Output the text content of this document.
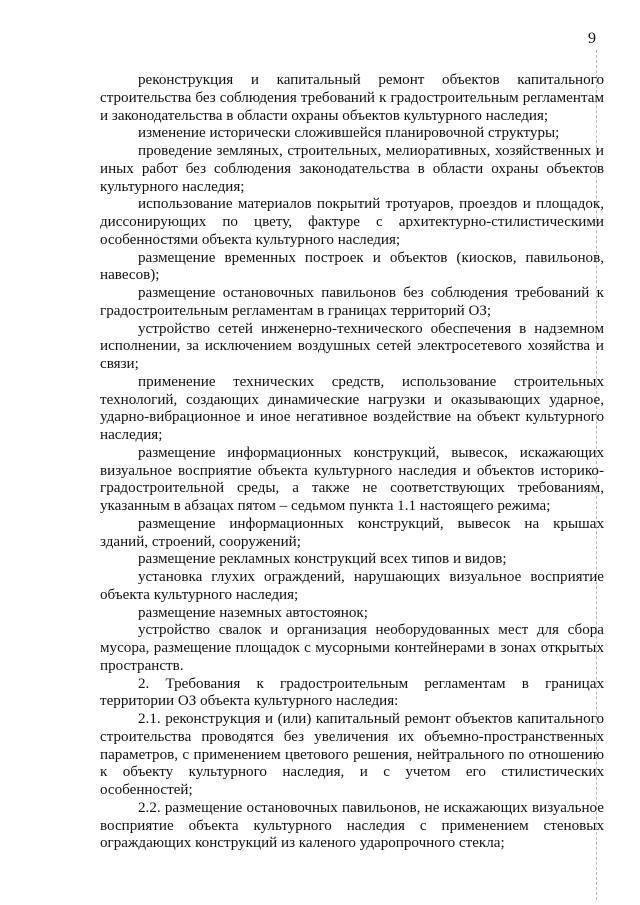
9

реконструкция и капитальный ремонт объектов капитального строительства без соблюдения требований к градостроительным регламентам и законодательства в области охраны объектов культурного наследия;

изменение исторически сложившейся планировочной структуры;

проведение земляных, строительных, мелиоративных, хозяйственных и иных работ без соблюдения законодательства в области охраны объектов культурного наследия;

использование материалов покрытий тротуаров, проездов и площадок, диссонирующих по цвету, фактуре с архитектурно-стилистическими особенностями объекта культурного наследия;

размещение временных построек и объектов (киосков, павильонов, навесов);

размещение остановочных павильонов без соблюдения требований к градостроительным регламентам в границах территорий ОЗ;

устройство сетей инженерно-технического обеспечения в надземном исполнении, за исключением воздушных сетей электросетевого хозяйства и связи;

применение технических средств, использование строительных технологий, создающих динамические нагрузки и оказывающих ударное, ударно-вибрационное и иное негативное воздействие на объект культурного наследия;

размещение информационных конструкций, вывесок, искажающих визуальное восприятие объекта культурного наследия и объектов историко-градостроительной среды, а также не соответствующих требованиям, указанным в абзацах пятом – седьмом пункта 1.1 настоящего режима;

размещение информационных конструкций, вывесок на крышах зданий, строений, сооружений;

размещение рекламных конструкций всех типов и видов;

установка глухих ограждений, нарушающих визуальное восприятие объекта культурного наследия;

размещение наземных автостоянок;

устройство свалок и организация необорудованных мест для сбора мусора, размещение площадок с мусорными контейнерами в зонах открытых пространств.

2. Требования к градостроительным регламентам в границах территории ОЗ объекта культурного наследия:

2.1. реконструкция и (или) капитальный ремонт объектов капитального строительства проводятся без увеличения их объемно-пространственных параметров, с применением цветового решения, нейтрального по отношению к объекту культурного наследия, и с учетом его стилистических особенностей;

2.2. размещение остановочных павильонов, не искажающих визуальное восприятие объекта культурного наследия с применением стеновых ограждающих конструкций из каленого ударопрочного стекла;
